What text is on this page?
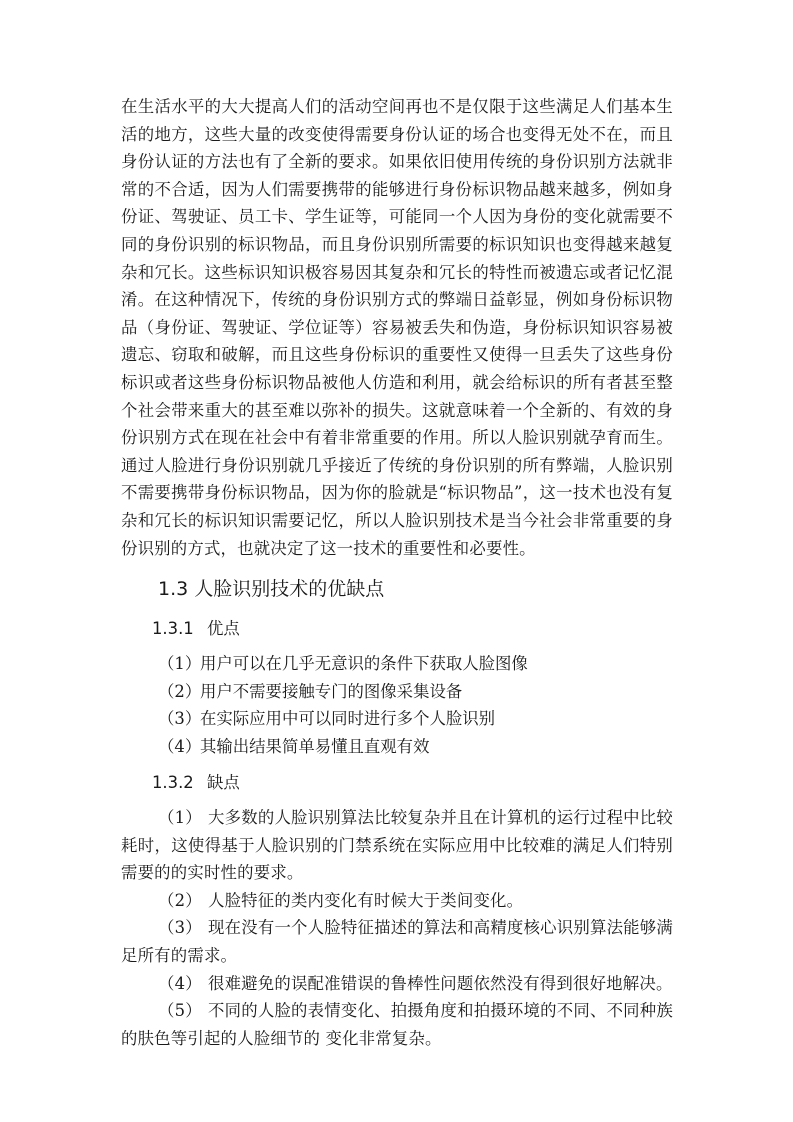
在生活水平的大大提高人们的活动空间再也不是仅限于这些满足人们基本生活的地方，这些大量的改变使得需要身份认证的场合也变得无处不在，而且身份认证的方法也有了全新的要求。如果依旧使用传统的身份识别方法就非常的不合适，因为人们需要携带的能够进行身份标识物品越来越多，例如身份证、驾驶证、员工卡、学生证等，可能同一个人因为身份的变化就需要不同的身份识别的标识物品，而且身份识别所需要的标识知识也变得越来越复杂和冗长。这些标识知识极容易因其复杂和冗长的特性而被遗忘或者记忆混淆。在这种情况下，传统的身份识别方式的弊端日益彰显，例如身份标识物品（身份证、驾驶证、学位证等）容易被丢失和伪造，身份标识知识容易被遗忘、窃取和破解，而且这些身份标识的重要性又使得一旦丢失了这些身份标识或者这些身份标识物品被他人仿造和利用，就会给标识的所有者甚至整个社会带来重大的甚至难以弥补的损失。这就意味着一个全新的、有效的身份识别方式在现在社会中有着非常重要的作用。所以人脸识别就孕育而生。通过人脸进行身份识别就几乎接近了传统的身份识别的所有弊端，人脸识别不需要携带身份标识物品，因为你的脸就是“标识物品”，这一技术也没有复杂和冗长的标识知识需要记忆，所以人脸识别技术是当今社会非常重要的身份识别的方式，也就决定了这一技术的重要性和必要性。

1.3 人脸识别技术的优缺点
1.3.1 优点
（1）用户可以在几乎无意识的条件下获取人脸图像
（2）用户不需要接触专门的图像采集设备
（3）在实际应用中可以同时进行多个人脸识别
（4）其输出结果简单易懂且直观有效
1.3.2 缺点

（1） 大多数的人脸识别算法比较复杂并且在计算机的运行过程中比较耗时，这使得基于人脸识别的门禁系统在实际应用中比较难的满足人们特别需要的的实时性的要求。

（2） 人脸特征的类内变化有时候大于类间变化。

（3） 现在没有一个人脸特征描述的算法和高精度核心识别算法能够满足所有的需求。

（4） 很难避免的误配准错误的鲁棒性问题依然没有得到很好地解决。

（5） 不同的人脸的表情变化、拍摄角度和拍摄环境的不同、不同种族的肤色等引起的人脸细节的 变化非常复杂。
